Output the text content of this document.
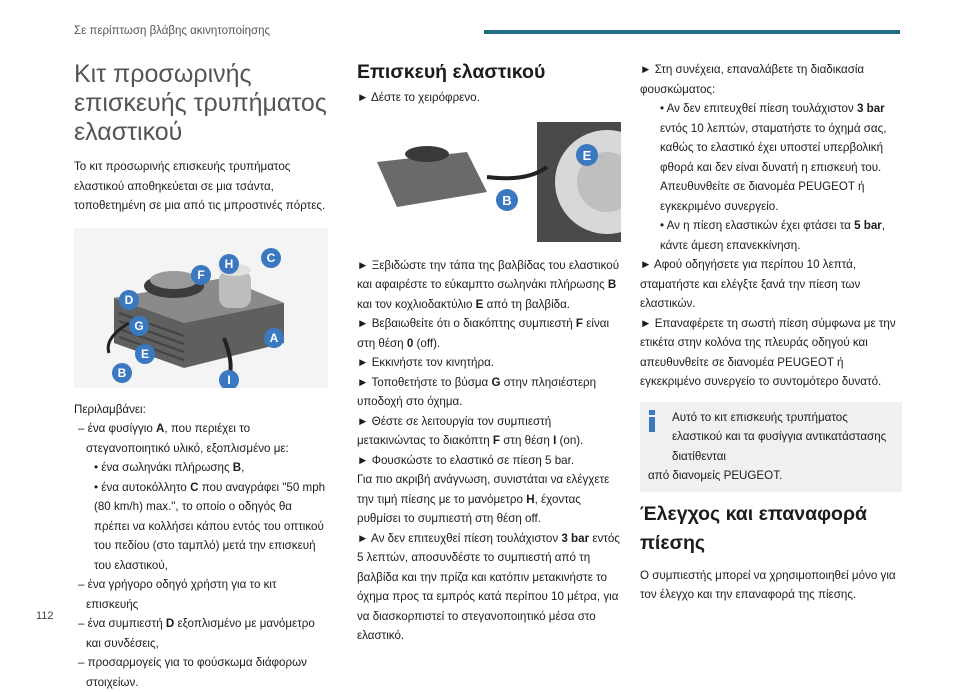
Σε περίπτωση βλάβης ακινητοποίησης
Κιτ προσωρινής επισκευής τρυπήματος ελαστικού

Το κιτ προσωρινής επισκευής τρυπήματος ελαστικού αποθηκεύεται σε μια τσάντα, τοποθετημένη σε μια από τις μπροστινές πόρτες.

A
B
C
D
E
F
G
H
I

Περιλαμβάνει:

– ένα φυσίγγιο A, που περιέχει το στεγανοποιητικό υλικό, εξοπλισμένο με:

• ένα σωληνάκι πλήρωσης B,

• ένα αυτοκόλλητο C που αναγράφει "50 mph (80 km/h) max.", το οποίο ο οδηγός θα πρέπει να κολλήσει κάπου εντός του οπτικού του πεδίου (στο ταμπλό) μετά την επισκευή του ελαστικού,

– ένα γρήγορο οδηγό χρήστη για το κιτ επισκευής

– ένα συμπιεστή D εξοπλισμένο με μανόμετρο και συνδέσεις,

– προσαρμογείς για το φούσκωμα διάφορων στοιχείων.

Επισκευή ελαστικού

► Δέστε το χειρόφρενο.

E
B

► Ξεβιδώστε την τάπα της βαλβίδας του ελαστικού και αφαιρέστε το εύκαμπτο σωληνάκι πλήρωσης B και τον κοχλιοδακτύλιο E από τη βαλβίδα.

► Βεβαιωθείτε ότι ο διακόπτης συμπιεστή F είναι στη θέση 0 (off).

► Εκκινήστε τον κινητήρα.

► Τοποθετήστε το βύσμα G στην πλησιέστερη υποδοχή στο όχημα.

► Θέστε σε λειτουργία τον συμπιεστή μετακινώντας το διακόπτη F στη θέση I (on).

► Φουσκώστε το ελαστικό σε πίεση 5 bar.

Για πιο ακριβή ανάγνωση, συνιστάται να ελέγχετε την τιμή πίεσης με το μανόμετρο H, έχοντας ρυθμίσει το συμπιεστή στη θέση off.

► Αν δεν επιτευχθεί πίεση τουλάχιστον 3 bar εντός 5 λεπτών, αποσυνδέστε το συμπιεστή από τη βαλβίδα και την πρίζα και κατόπιν μετακινήστε το όχημα προς τα εμπρός κατά περίπου 10 μέτρα, για να διασκορπιστεί το στεγανοποιητικό μέσα στο ελαστικό.

► Στη συνέχεια, επαναλάβετε τη διαδικασία φουσκώματος:

• Αν δεν επιτευχθεί πίεση τουλάχιστον 3 bar εντός 10 λεπτών, σταματήστε το όχημά σας, καθώς το ελαστικό έχει υποστεί υπερβολική φθορά και δεν είναι δυνατή η επισκευή του. Απευθυνθείτε σε διανομέα PEUGEOT ή εγκεκριμένο συνεργείο.

• Αν η πίεση ελαστικών έχει φτάσει τα 5 bar, κάντε άμεση επανεκκίνηση.

► Αφού οδηγήσετε για περίπου 10 λεπτά, σταματήστε και ελέγξτε ξανά την πίεση των ελαστικών.

► Επαναφέρετε τη σωστή πίεση σύμφωνα με την ετικέτα στην κολόνα της πλευράς οδηγού και απευθυνθείτε σε διανομέα PEUGEOT ή εγκεκριμένο συνεργείο το συντομότερο δυνατό.

Αυτό το κιτ επισκευής τρυπήματος ελαστικού και τα φυσίγγια αντικατάστασης διατίθενται

από διανομείς PEUGEOT.

Έλεγχος και επαναφορά πίεσης

Ο συμπιεστής μπορεί να χρησιμοποιηθεί μόνο για τον έλεγχο και την επαναφορά της πίεσης.

112
